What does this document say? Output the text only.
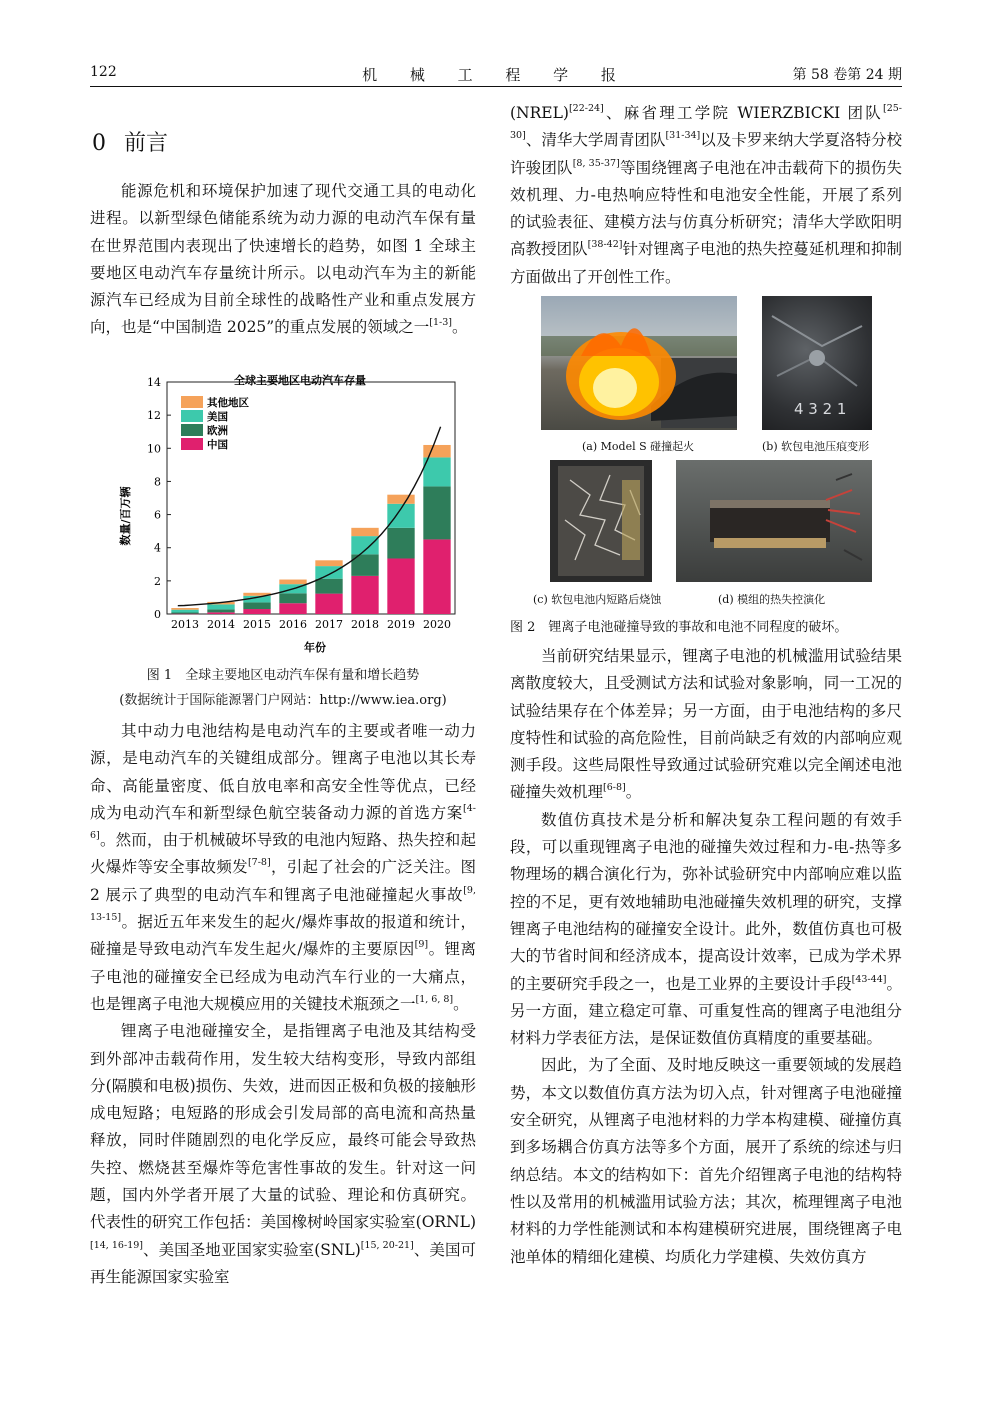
122	机 械 工 程 学 报	第 58 卷第 24 期
0 前言

能源危机和环境保护加速了现代交通工具的电动化进程。以新型绿色储能系统为动力源的电动汽车保有量在世界范围内表现出了快速增长的趋势，如图 1 全球主要地区电动汽车存量统计所示。以电动汽车为主的新能源汽车已经成为目前全球性的战略性产业和重点发展方向，也是“中国制造 2025”的重点发展的领域之一[1-3]。

全球主要地区电动汽车存量
0
2
4
6
8
10
12
14
2013 2014 2015 2016 2017 2018 2019 2020
其他地区
美国
欧洲
中国
年份
数量/百万辆
图 1　全球主要地区电动汽车保有量和增长趋势
(数据统计于国际能源署门户网站：http://www.iea.org)

其中动力电池结构是电动汽车的主要或者唯一动力源，是电动汽车的关键组成部分。锂离子电池以其长寿命、高能量密度、低自放电率和高安全性等优点，已经成为电动汽车和新型绿色航空装备动力源的首选方案[4-6]。然而，由于机械破坏导致的电池内短路、热失控和起火爆炸等安全事故频发[7-8]，引起了社会的广泛关注。图 2 展示了典型的电动汽车和锂离子电池碰撞起火事故[9, 13-15]。据近五年来发生的起火/爆炸事故的报道和统计，碰撞是导致电动汽车发生起火/爆炸的主要原因[9]。锂离子电池的碰撞安全已经成为电动汽车行业的一大痛点，也是锂离子电池大规模应用的关键技术瓶颈之一[1, 6, 8]。

锂离子电池碰撞安全，是指锂离子电池及其结构受到外部冲击载荷作用，发生较大结构变形，导致内部组分(隔膜和电极)损伤、失效，进而因正极和负极的接触形成电短路；电短路的形成会引发局部的高电流和高热量释放，同时伴随剧烈的电化学反应，最终可能会导致热失控、燃烧甚至爆炸等危害性事故的发生。针对这一问题，国内外学者开展了大量的试验、理论和仿真研究。代表性的研究工作包括：美国橡树岭国家实验室(ORNL)[14, 16-19]、美国圣地亚国家实验室(SNL)[15, 20-21]、美国可再生能源国家实验室

(NREL)[22-24]、麻省理工学院 WIERZBICKI 团队[25-30]、清华大学周青团队[31-34]以及卡罗来纳大学夏洛特分校许骏团队[8, 35-37]等围绕锂离子电池在冲击载荷下的损伤失效机理、力-电热响应特性和电池安全性能，开展了系列的试验表征、建模方法与仿真分析研究；清华大学欧阳明高教授团队[38-42]针对锂离子电池的热失控蔓延机理和抑制方面做出了开创性工作。

4 3 2 1
(a) Model S 碰撞起火	(b) 软包电池压痕变形
(c) 软包电池内短路后烧蚀	(d) 模组的热失控演化
图 2　锂离子电池碰撞导致的事故和电池不同程度的破坏。

当前研究结果显示，锂离子电池的机械滥用试验结果离散度较大，且受测试方法和试验对象影响，同一工况的试验结果存在个体差异；另一方面，由于电池结构的多尺度特性和试验的高危险性，目前尚缺乏有效的内部响应观测手段。这些局限性导致通过试验研究难以完全阐述电池碰撞失效机理[6-8]。

数值仿真技术是分析和解决复杂工程问题的有效手段，可以重现锂离子电池的碰撞失效过程和力-电-热等多物理场的耦合演化行为，弥补试验研究中内部响应难以监控的不足，更有效地辅助电池碰撞失效机理的研究，支撑锂离子电池结构的碰撞安全设计。此外，数值仿真也可极大的节省时间和经济成本，提高设计效率，已成为学术界的主要研究手段之一，也是工业界的主要设计手段[43-44]。另一方面，建立稳定可靠、可重复性高的锂离子电池组分材料力学表征方法，是保证数值仿真精度的重要基础。

因此，为了全面、及时地反映这一重要领域的发展趋势，本文以数值仿真方法为切入点，针对锂离子电池碰撞安全研究，从锂离子电池材料的力学本构建模、碰撞仿真到多场耦合仿真方法等多个方面，展开了系统的综述与归纳总结。本文的结构如下：首先介绍锂离子电池的结构特性以及常用的机械滥用试验方法；其次，梳理锂离子电池材料的力学性能测试和本构建模研究进展，围绕锂离子电池单体的精细化建模、均质化力学建模、失效仿真方
